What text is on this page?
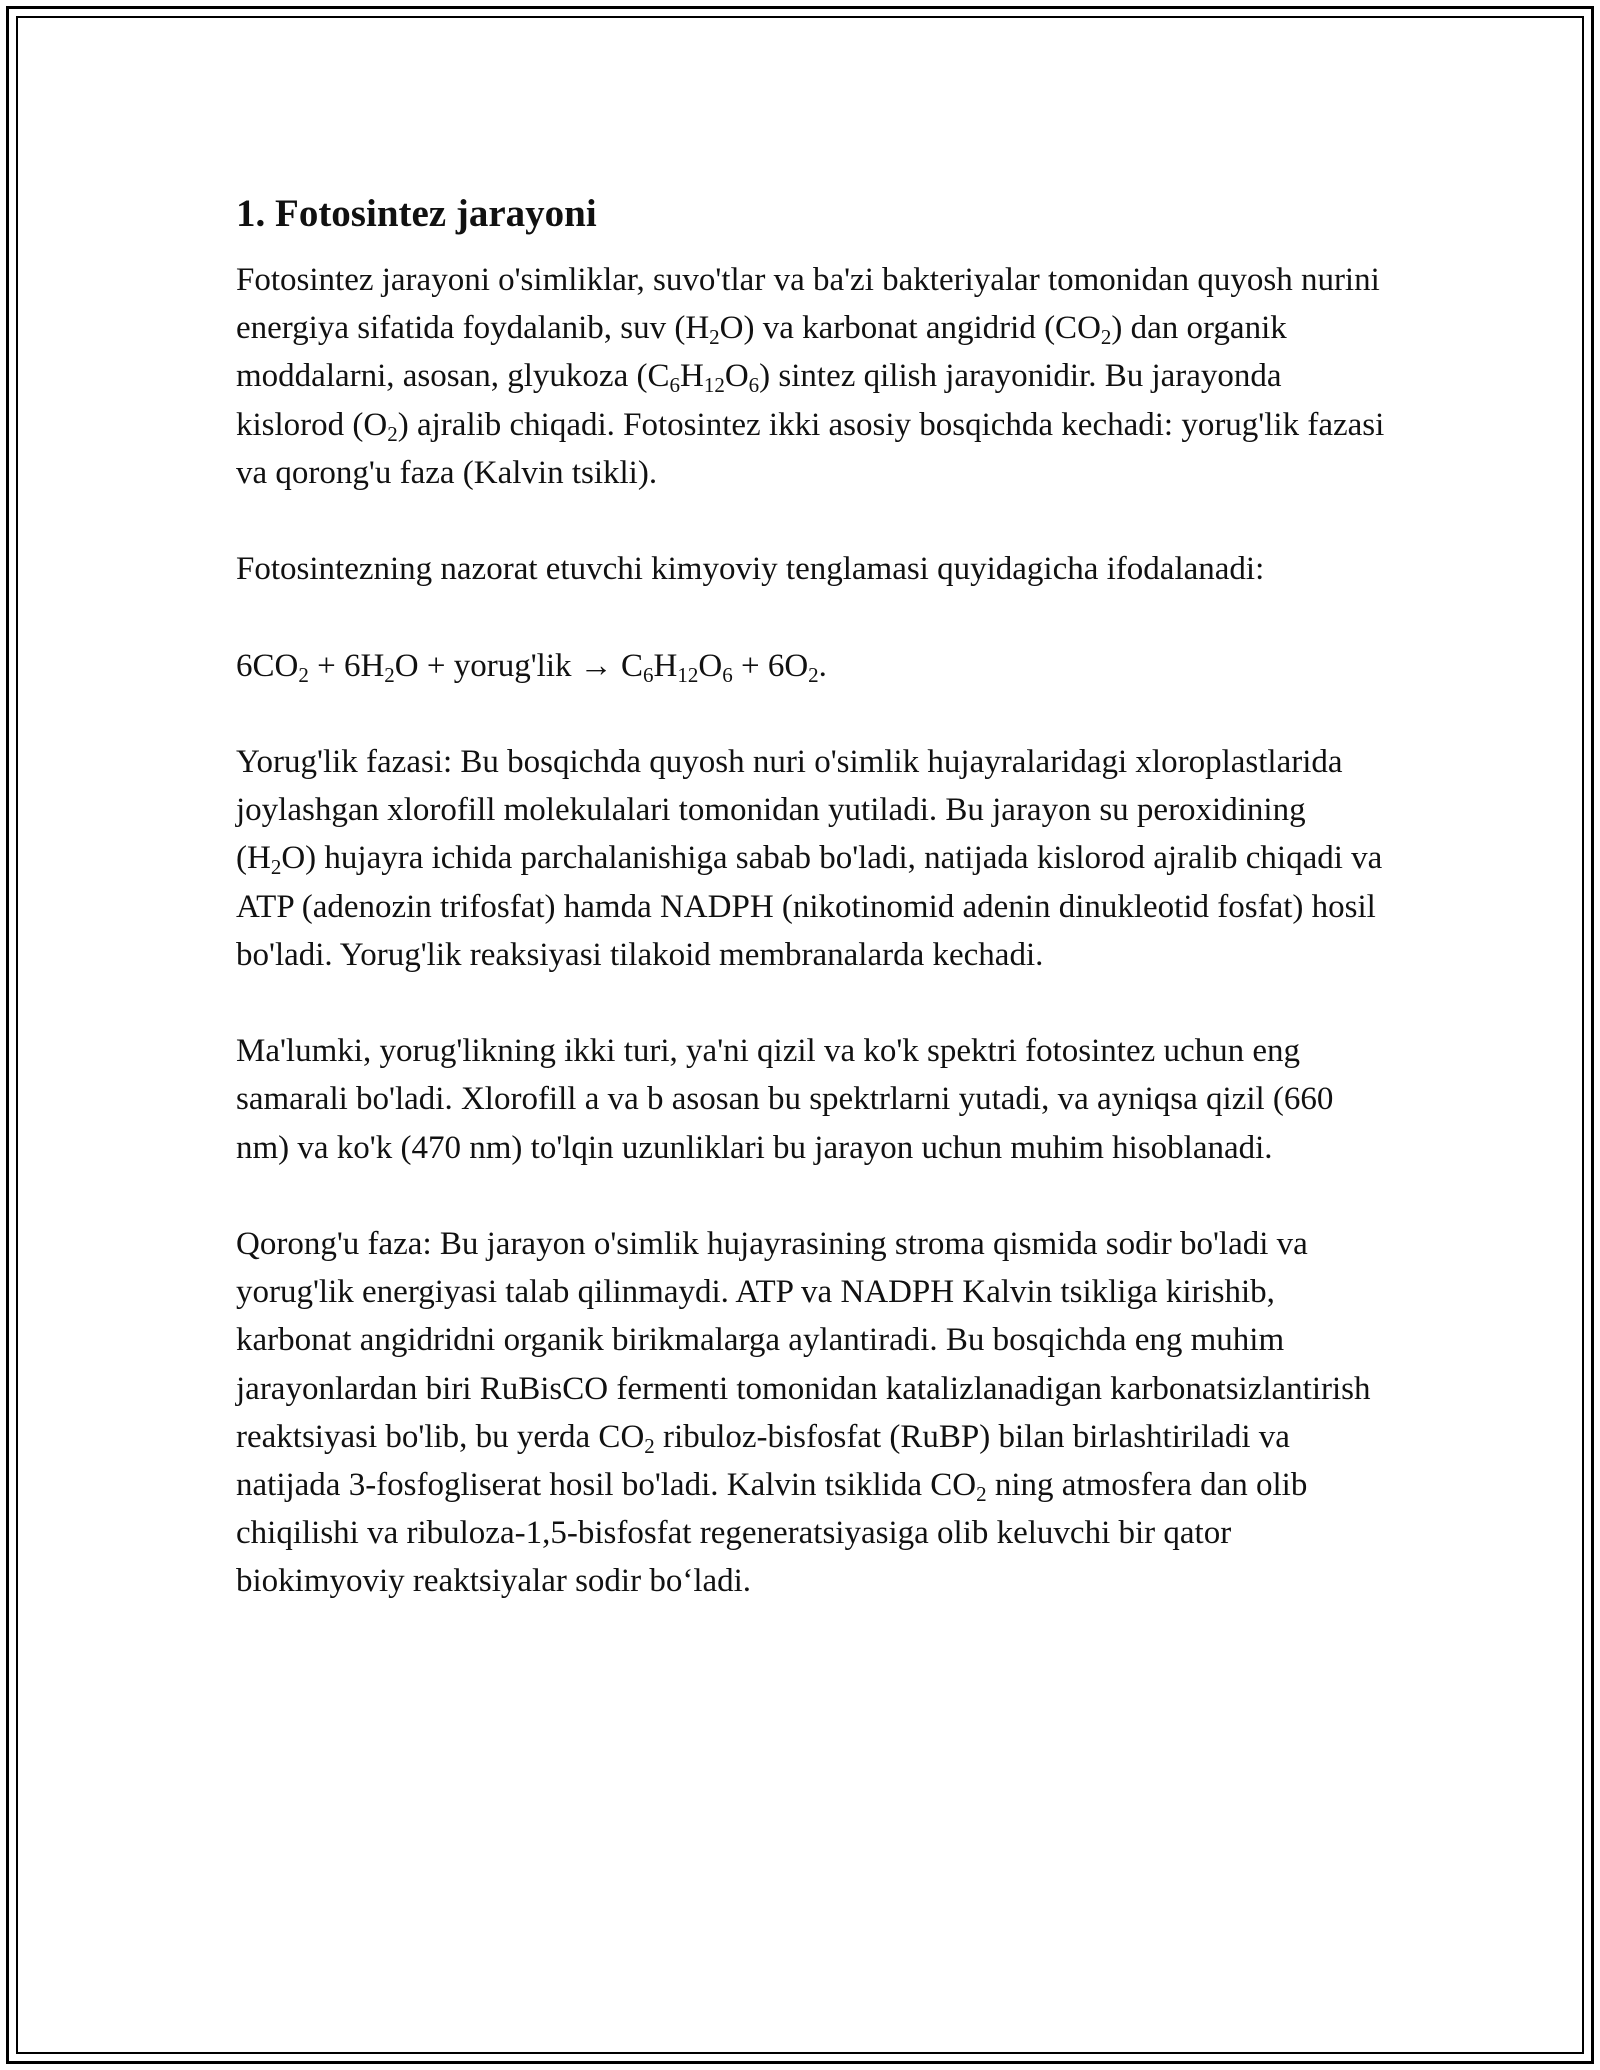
1. Fotosintez jarayoni

Fotosintez jarayoni o'simliklar, suvo'tlar va ba'zi bakteriyalar tomonidan quyosh nurini energiya sifatida foydalanib, suv $(H_2O)$ va karbonat angidrid $(CO_2)$ dan organik moddalarni, asosan, glyukoza $(C_6H_{12}O_6)$ sintez qilish jarayonidir. Bu jarayonda kislorod $(O_2)$ ajralib chiqadi. Fotosintez ikki asosiy bosqichda kechadi: yorug'lik fazasi va qorong'u faza (Kalvin tsikli).

Fotosintezning nazorat etuvchi kimyoviy tenglamasi quyidagicha ifodalanadi:

$6CO_2 + 6H_2O$ + yorug'lik → $C_6H_{12}O_6 + 6O_2$.

Yorug'lik fazasi: Bu bosqichda quyosh nuri o'simlik hujayralaridagi xloroplastlarida joylashgan xlorofill molekulalari tomonidan yutiladi. Bu jarayon su peroxidining $(H_2O)$ hujayra ichida parchalanishiga sabab bo'ladi, natijada kislorod ajralib chiqadi va ATP (adenozin trifosfat) hamda NADPH (nikotinomid adenin dinukleotid fosfat) hosil bo'ladi. Yorug'lik reaksiyasi tilakoid membranalarda kechadi.

Ma'lumki, yorug'likning ikki turi, ya'ni qizil va ko'k spektri fotosintez uchun eng samarali bo'ladi. Xlorofill a va b asosan bu spektrlarni yutadi, va ayniqsa qizil (660 nm) va ko'k (470 nm) to'lqin uzunliklari bu jarayon uchun muhim hisoblanadi.

Qorong'u faza: Bu jarayon o'simlik hujayrasining stroma qismida sodir bo'ladi va yorug'lik energiyasi talab qilinmaydi. ATP va NADPH Kalvin tsikliga kirishib, karbonat angidridni organik birikmalarga aylantiradi. Bu bosqichda eng muhim jarayonlardan biri RuBisCO fermenti tomonidan katalizlanadigan karbonatsizlantirish reaktsiyasi bo'lib, bu yerda $CO_2$ ribuloz-bisfosfat (RuBP) bilan birlashtiriladi va natijada 3-fosfogliserat hosil bo'ladi. Kalvin tsiklida $CO_2$ ning atmosfera dan olib chiqilishi va ribuloza-1,5-bisfosfat regeneratsiyasiga olib keluvchi bir qator biokimyoviy reaktsiyalar sodir bo‘ladi.
